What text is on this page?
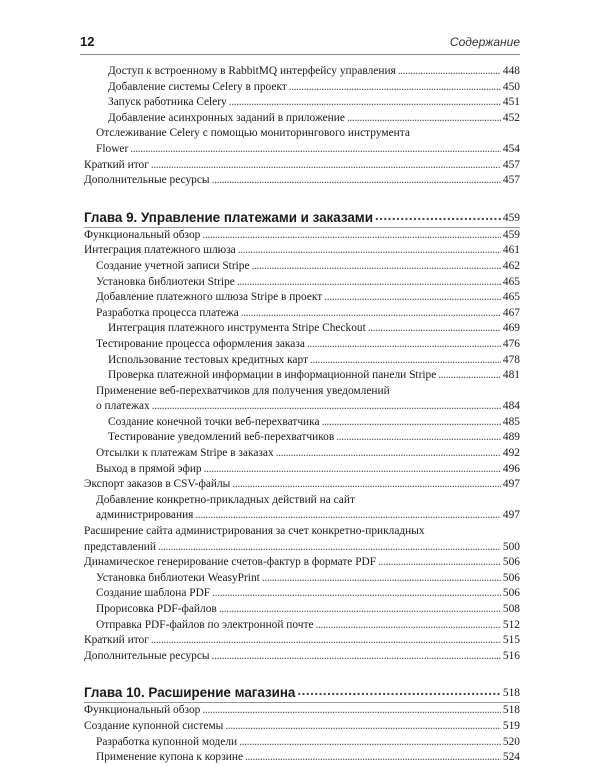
12	Содержание
Доступ к встроенному в RabbitMQ интерфейсу управления . . .	448
Добавление системы Celery в проект . . .	450
Запуск работника Celery . . .	451
Добавление асинхронных заданий в приложение . . .	452
Отслеживание Celery с помощью мониторингового инструмента
Flower . . .	454
Краткий итог . . .	457
Дополнительные ресурсы . . .	457
Глава 9. Управление платежами и заказами . . .	459
Функциональный обзор . . .	459
Интеграция платежного шлюза . . .	461
Создание учетной записи Stripe . . .	462
Установка библиотеки Stripe . . .	465
Добавление платежного шлюза Stripe в проект . . .	465
Разработка процесса платежа . . .	467
Интеграция платежного инструмента Stripe Checkout . . .	469
Тестирование процесса оформления заказа . . .	476
Использование тестовых кредитных карт . . .	478
Проверка платежной информации в информационной панели Stripe . . .	481
Применение веб-перехватчиков для получения уведомлений
о платежах . . .	484
Создание конечной точки веб-перехватчика . . .	485
Тестирование уведомлений веб-перехватчиков . . .	489
Отсылки к платежам Stripe в заказах . . .	492
Выход в прямой эфир . . .	496
Экспорт заказов в CSV-файлы . . .	497
Добавление конкретно-прикладных действий на сайт
администрирования . . .	497
Расширение сайта администрирования за счет конкретно-прикладных
представлений . . .	500
Динамическое генерирование счетов-фактур в формате PDF . . .	506
Установка библиотеки WeasyPrint . . .	506
Создание шаблона PDF . . .	506
Прорисовка PDF-файлов . . .	508
Отправка PDF-файлов по электронной почте . . .	512
Краткий итог . . .	515
Дополнительные ресурсы . . .	516
Глава 10. Расширение магазина . . .	518
Функциональный обзор . . .	518
Создание купонной системы . . .	519
Разработка купонной модели . . .	520
Применение купона к корзине . . .	524
